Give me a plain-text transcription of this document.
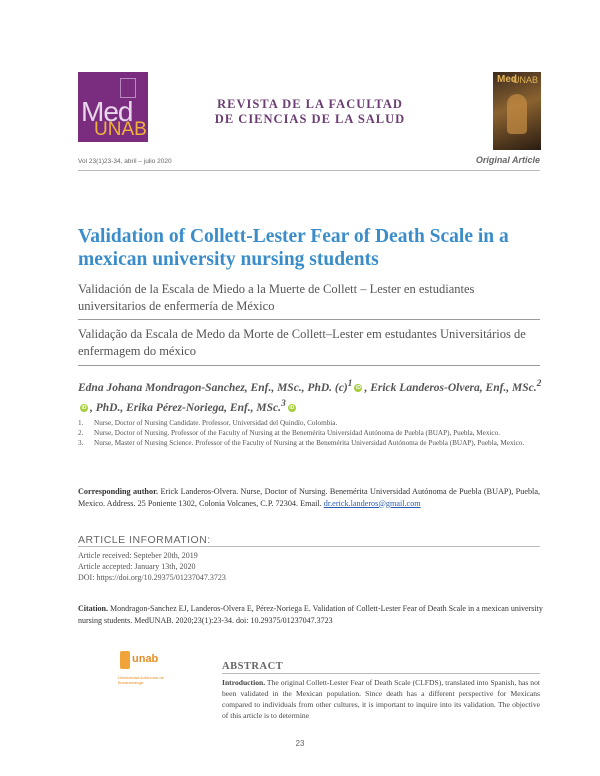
Med
UNAB
REVISTA DE LA FACULTAD
DE CIENCIAS DE LA SALUD
Med
UNAB
Vol 23(1)23-34, abril – julio 2020	Original Article
Validation of Collett-Lester Fear of Death Scale in a mexican university nursing students
Validación de la Escala de Miedo a la Muerte de Collett – Lester en estudiantes universitarios de enfermería de México
Validação da Escala de Medo da Morte de Collett–Lester em estudantes Universitários de enfermagem do méxico
Edna Johana Mondragon-Sanchez, Enf., MSc., PhD. $(c)^1$ iD , Erick Landeros-Olvera, Enf., MSc.$^2$iD , PhD., Erika Pérez-Noriega, Enf., MSc.$^3$ iD
1.	Nurse, Doctor of Nursing Candidate. Professor, Universidad del Quindío, Colombia.
2.	Nurse, Doctor of Nursing. Professor of the Faculty of Nursing at the Benemérita Universidad Autónoma de Puebla (BUAP), Puebla, Mexico.
3.	Nurse, Master of Nursing Science. Professor of the Faculty of Nursing at the Benemérita Universidad Autónoma de Puebla (BUAP), Puebla, Mexico.
Corresponding author. Erick Landeros-Olvera. Nurse, Doctor of Nursing. Benemérita Universidad Autónoma de Puebla (BUAP), Puebla, Mexico. Address. 25 Poniente 1302, Colonia Volcanes, C.P. 72304. Email. dr.erick.landeros@gmail.com
ARTICLE INFORMATION:
Article received: Septeber 20th, 2019
Article accepted: January 13th, 2020
DOI: https://doi.org/10.29375/01237047.3723
Citation. Mondragon-Sanchez EJ, Landeros-Olvera E, Pérez-Noriega E. Validation of Collett-Lester Fear of Death Scale in a mexican university nursing students. MedUNAB. 2020;23(1):23-34. doi: 10.29375/01237047.3723
unab
Universidad Autónoma de Bucaramanga
ABSTRACT
Introduction. The original Collett-Lester Fear of Death Scale (CLFDS), translated into Spanish, has not been validated in the Mexican population. Since death has a different perspective for Mexicans compared to individuals from other cultures, it is important to inquire into its validation. The objective of this article is to determine
23
